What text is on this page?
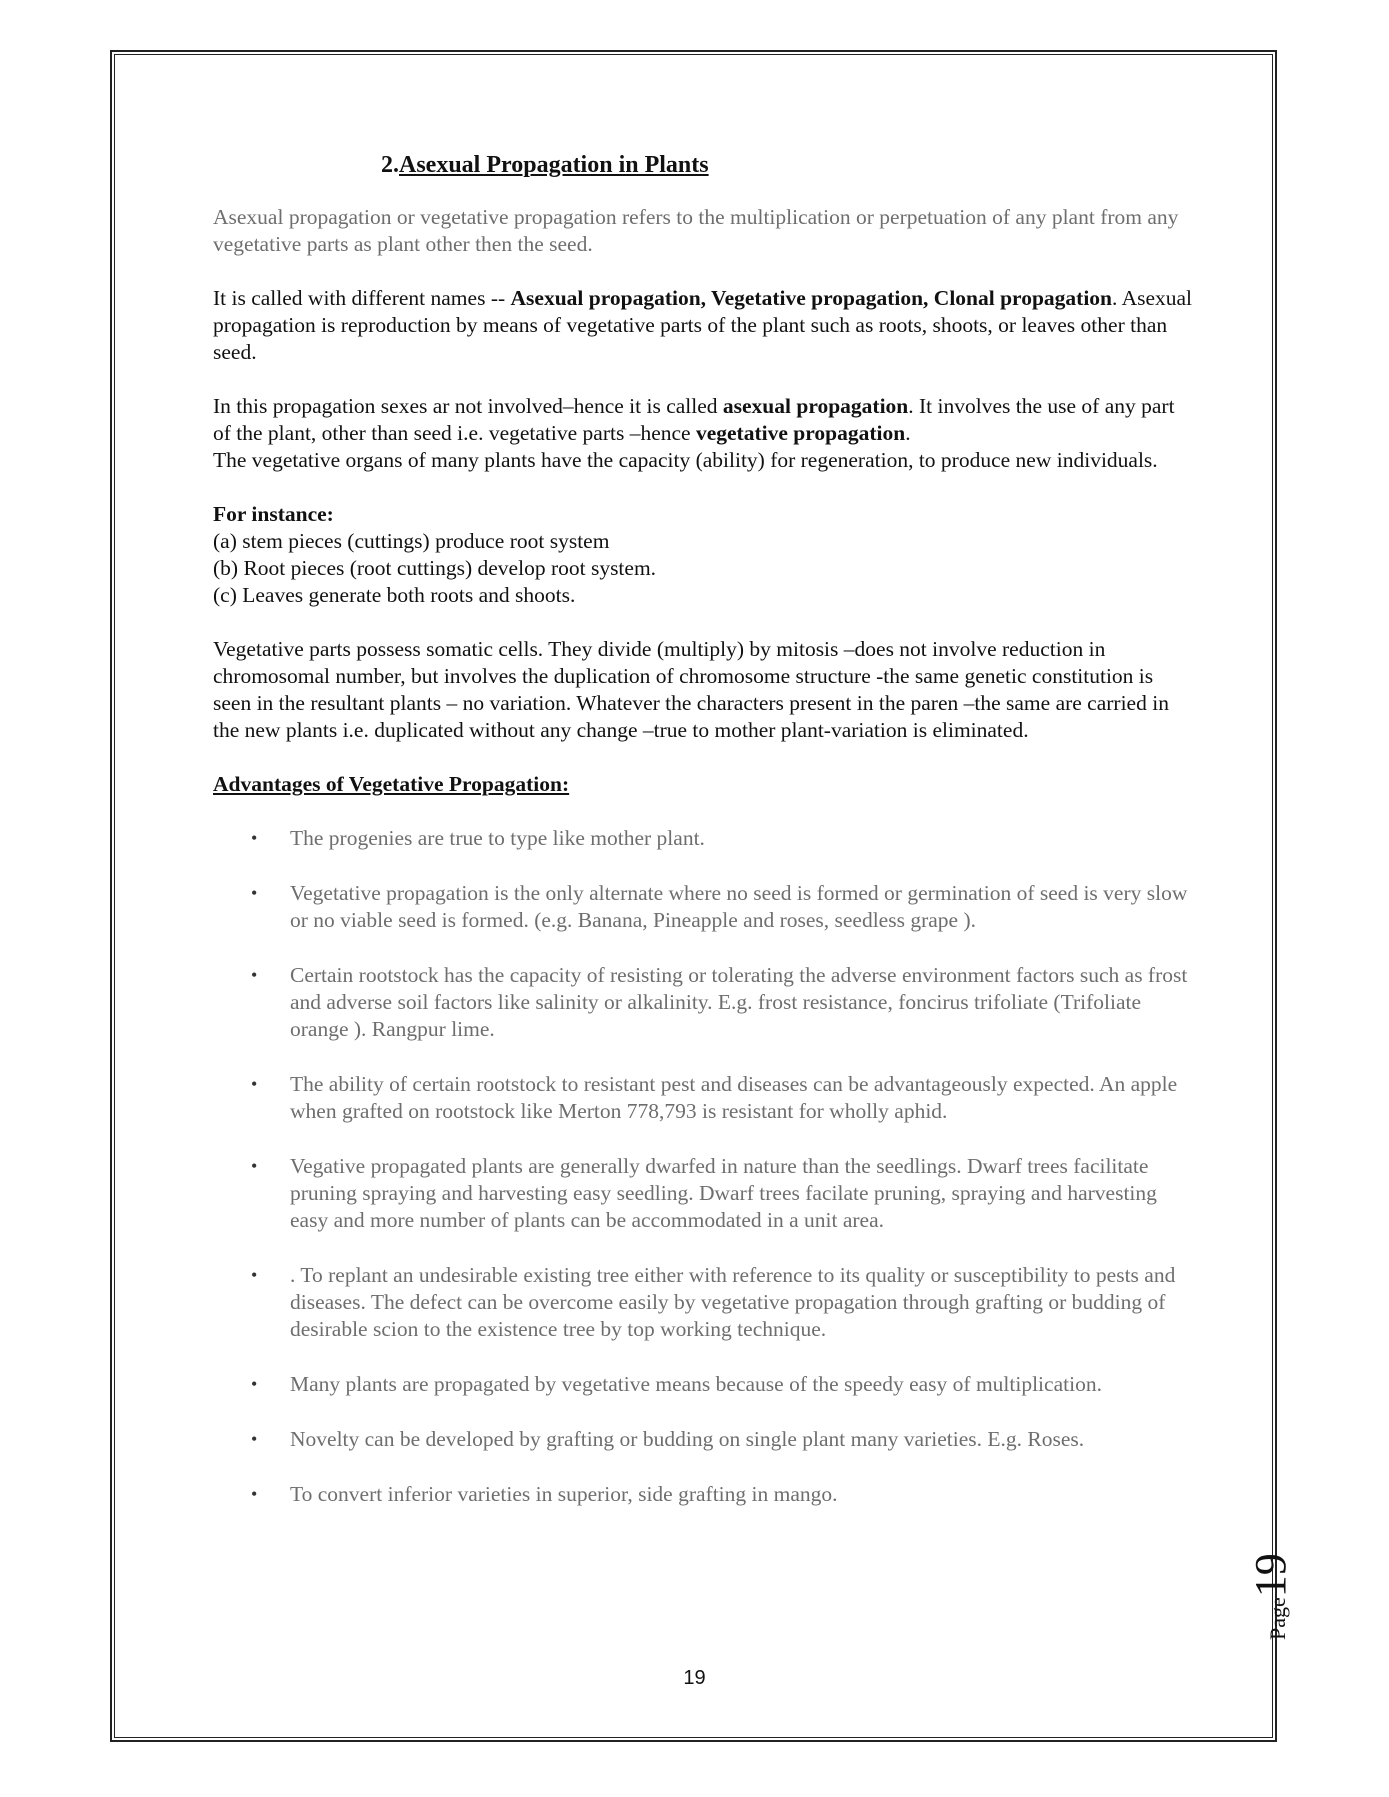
2.Asexual Propagation in Plants

Asexual propagation or vegetative propagation refers to the multiplication or perpetuation of any plant from any vegetative parts as plant other then the seed.

It is called with different names -- Asexual propagation, Vegetative propagation, Clonal propagation. Asexual propagation is reproduction by means of vegetative parts of the plant such as roots, shoots, or leaves other than seed.

In this propagation sexes ar not involved–hence it is called asexual propagation. It involves the use of any part of the plant, other than seed i.e. vegetative parts –hence vegetative propagation.
The vegetative organs of many plants have the capacity (ability) for regeneration, to produce new individuals.

For instance:
(a) stem pieces (cuttings) produce root system
(b) Root pieces (root cuttings) develop root system.
(c) Leaves generate both roots and shoots.

Vegetative parts possess somatic cells. They divide (multiply) by mitosis –does not involve reduction in chromosomal number, but involves the duplication of chromosome structure -the same genetic constitution is seen in the resultant plants – no variation. Whatever the characters present in the paren –the same are carried in the new plants i.e. duplicated without any change –true to mother plant-variation is eliminated.

Advantages of Vegetative Propagation:
• The progenies are true to type like mother plant.
• Vegetative propagation is the only alternate where no seed is formed or germination of seed is very slow or no viable seed is formed. (e.g. Banana, Pineapple and roses, seedless grape ).
• Certain rootstock has the capacity of resisting or tolerating the adverse environment factors such as frost and adverse soil factors like salinity or alkalinity. E.g. frost resistance, foncirus trifoliate (Trifoliate orange ). Rangpur lime.
• The ability of certain rootstock to resistant pest and diseases can be advantageously expected. An apple when grafted on rootstock like Merton 778,793 is resistant for wholly aphid.
• Vegative propagated plants are generally dwarfed in nature than the seedlings. Dwarf trees facilitate pruning spraying and harvesting easy seedling. Dwarf trees facilate pruning, spraying and harvesting easy and more number of plants can be accommodated in a unit area.
• . To replant an undesirable existing tree either with reference to its quality or susceptibility to pests and diseases. The defect can be overcome easily by vegetative propagation through grafting or budding of desirable scion to the existence tree by top working technique.
• Many plants are propagated by vegetative means because of the speedy easy of multiplication.
• Novelty can be developed by grafting or budding on single plant many varieties. E.g. Roses.
• To convert inferior varieties in superior, side grafting in mango.
19
Page19
